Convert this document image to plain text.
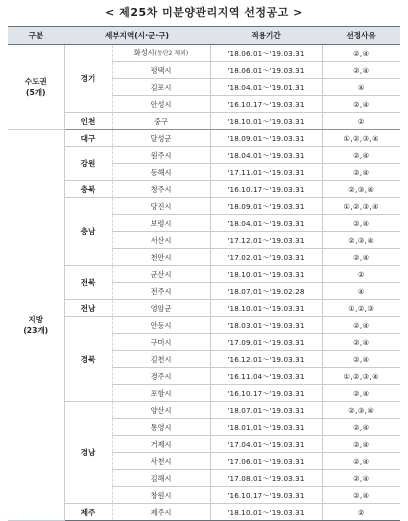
< 제25차 미분양관리지역 선정공고 >
구분	세부지역(시·군·구)		적용기간	선정사유

수도권
(5개)	경기	화성시(동탄2 제외)	'18.06.01～'19.03.31	②,④
		평택시	'18.06.01～'19.03.31	②,④
		김포시	'18.04.01～'19.01.31	④
		안성시	'16.10.17～'19.03.31	②,④
	인천	중구	'18.10.01～'19.03.31	②

지방
(23개)	대구	달성군	'18.09.01～'19.03.31	①,②,③,④
	강원	원주시	'18.04.01～'19.03.31	②,④
		동해시	'17.11.01～'19.03.31	②,④
	충북	청주시	'16.10.17～'19.03.31	②,③,④
	충남	당진시	'18.09.01～'19.03.31	①,②,③,④
		보령시	'18.04.01～'19.03.31	②,④
		서산시	'17.12.01～'19.03.31	②,③,④
		천안시	'17.02.01～'19.03.31	②,④
	전북	군산시	'18.10.01～'19.03.31	②
		전주시	'18.07.01～'19.02.28	④
	전남	영암군	'18.10.01～'19.03.31	①,②,③
	경북	안동시	'18.03.01～'19.03.31	②,④
		구미시	'17.09.01～'19.03.31	②,④
		김천시	'16.12.01～'19.03.31	②,④
		경주시	'16.11.04～'19.03.31	①,②,③,④
		포항시	'16.10.17～'19.03.31	②,④
	경남	양산시	'18.07.01～'19.03.31	②,③,④
		통영시	'18.01.01～'19.03.31	②,④
		거제시	'17.04.01～'19.03.31	②,④
		사천시	'17.06.01～'19.03.31	②,④
		김해시	'17.08.01～'19.03.31	②,④
		창원시	'16.10.17～'19.03.31	②,④
	제주	제주시	'18.10.01～'19.03.31	②
